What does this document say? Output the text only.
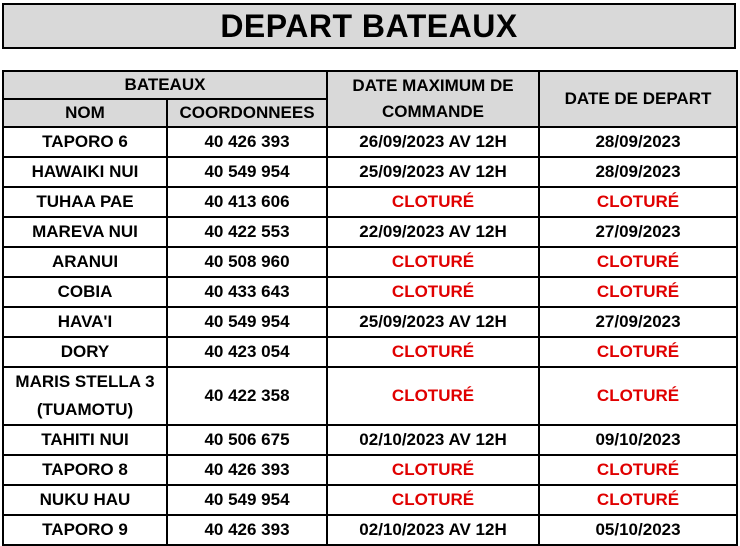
DEPART BATEAUX
BATEAUX		DATE MAXIMUM DE COMMANDE	DATE DE DEPART
NOM	COORDONNEES		
TAPORO 6	40 426 393	26/09/2023 AV 12H	28/09/2023
HAWAIKI NUI	40 549 954	25/09/2023 AV 12H	28/09/2023
TUHAA PAE	40 413 606	CLOTURÉ	CLOTURÉ
MAREVA NUI	40 422 553	22/09/2023 AV 12H	27/09/2023
ARANUI	40 508 960	CLOTURÉ	CLOTURÉ
COBIA	40 433 643	CLOTURÉ	CLOTURÉ
HAVA'I	40 549 954	25/09/2023 AV 12H	27/09/2023
DORY	40 423 054	CLOTURÉ	CLOTURÉ
MARIS STELLA 3 (TUAMOTU)	40 422 358	CLOTURÉ	CLOTURÉ
TAHITI NUI	40 506 675	02/10/2023 AV 12H	09/10/2023
TAPORO 8	40 426 393	CLOTURÉ	CLOTURÉ
NUKU HAU	40 549 954	CLOTURÉ	CLOTURÉ
TAPORO 9	40 426 393	02/10/2023 AV 12H	05/10/2023
